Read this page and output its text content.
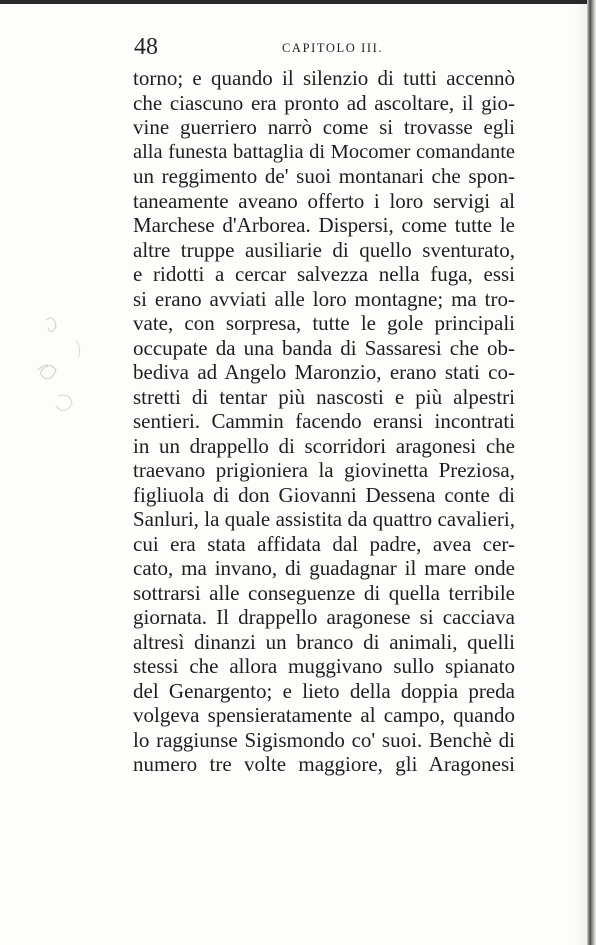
48	CAPITOLO III.
torno; e quando il silenzio di tutti accennò
che ciascuno era pronto ad ascoltare, il gio-
vine guerriero narrò come si trovasse egli
alla funesta battaglia di Mocomer comandante
un reggimento de' suoi montanari che spon-
taneamente aveano offerto i loro servigi al
Marchese d'Arborea. Dispersi, come tutte le
altre truppe ausiliarie di quello sventurato,
e ridotti a cercar salvezza nella fuga, essi
si erano avviati alle loro montagne; ma tro-
vate, con sorpresa, tutte le gole principali
occupate da una banda di Sassaresi che ob-
bediva ad Angelo Maronzio, erano stati co-
stretti di tentar più nascosti e più alpestri
sentieri. Cammin facendo eransi incontrati
in un drappello di scorridori aragonesi che
traevano prigioniera la giovinetta Preziosa,
figliuola di don Giovanni Dessena conte di
Sanluri, la quale assistita da quattro cavalieri,
cui era stata affidata dal padre, avea cer-
cato, ma invano, di guadagnar il mare onde
sottrarsi alle conseguenze di quella terribile
giornata. Il drappello aragonese si cacciava
altresì dinanzi un branco di animali, quelli
stessi che allora muggivano sullo spianato
del Genargento; e lieto della doppia preda
volgeva spensieratamente al campo, quando
lo raggiunse Sigismondo co' suoi. Benchè di
numero tre volte maggiore, gli Aragonesi
